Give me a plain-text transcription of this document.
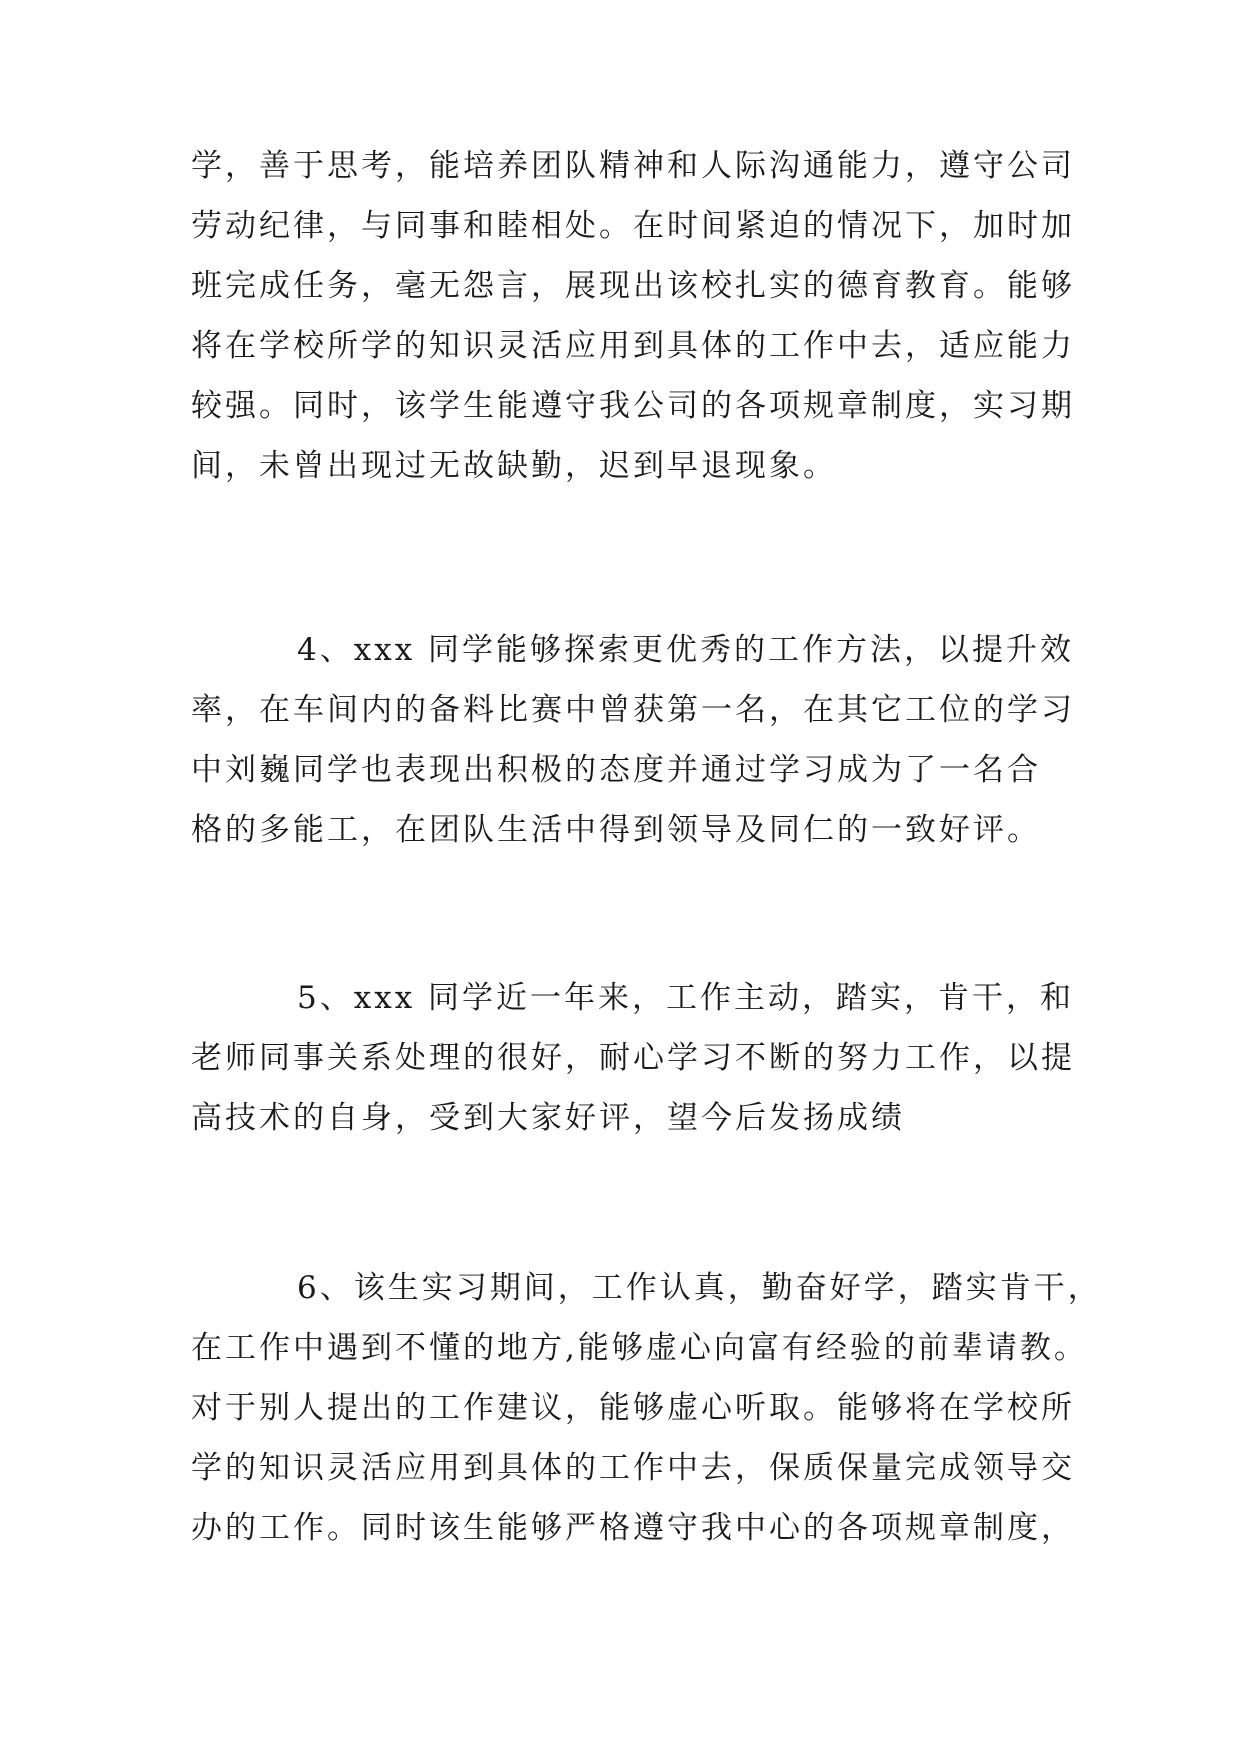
学，善于思考，能培养团队精神和人际沟通能力，遵守公司
劳动纪律，与同事和睦相处。在时间紧迫的情况下，加时加
班完成任务，毫无怨言，展现出该校扎实的德育教育。能够
将在学校所学的知识灵活应用到具体的工作中去，适应能力
较强。同时，该学生能遵守我公司的各项规章制度，实习期
间，未曾出现过无故缺勤，迟到早退现象。
4、xxx 同学能够探索更优秀的工作方法，以提升效
率，在车间内的备料比赛中曾获第一名，在其它工位的学习
中刘巍同学也表现出积极的态度并通过学习成为了一名合
格的多能工，在团队生活中得到领导及同仁的一致好评。
5、xxx 同学近一年来，工作主动，踏实，肯干，和
老师同事关系处理的很好，耐心学习不断的努力工作，以提
高技术的自身，受到大家好评，望今后发扬成绩
6、该生实习期间，工作认真，勤奋好学，踏实肯干，
在工作中遇到不懂的地方,能够虚心向富有经验的前辈请教。
对于别人提出的工作建议，能够虚心听取。能够将在学校所
学的知识灵活应用到具体的工作中去，保质保量完成领导交
办的工作。同时该生能够严格遵守我中心的各项规章制度，
